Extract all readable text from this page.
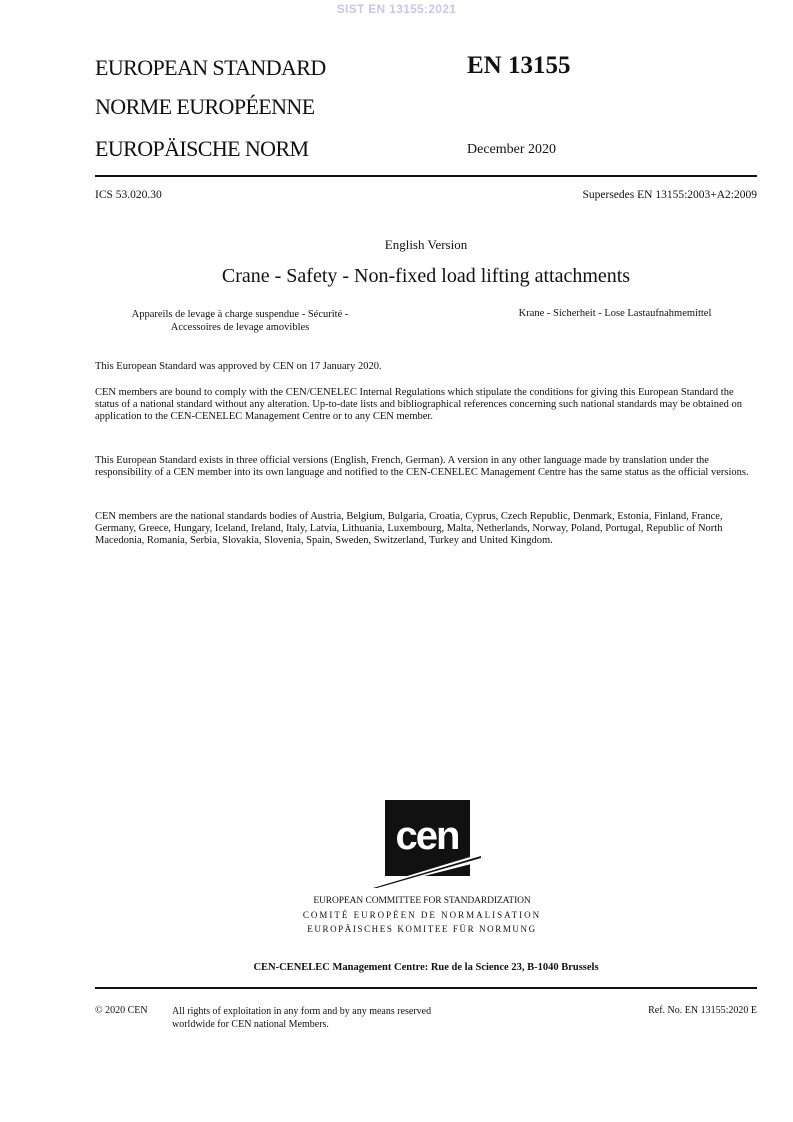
SIST EN 13155:2021
EUROPEAN STANDARD
NORME EUROPÉENNE
EUROPÄISCHE NORM
EN 13155
December 2020
ICS 53.020.30	Supersedes EN 13155:2003+A2:2009
English Version
Crane - Safety - Non-fixed load lifting attachments
Appareils de levage à charge suspendue - Sécurité -
Accessoires de levage amovibles
Krane - Sicherheit - Lose Lastaufnahmemittel
This European Standard was approved by CEN on 17 January 2020.
CEN members are bound to comply with the CEN/CENELEC Internal Regulations which stipulate the conditions for giving this European Standard the status of a national standard without any alteration. Up-to-date lists and bibliographical references concerning such national standards may be obtained on application to the CEN-CENELEC Management Centre or to any CEN member.
This European Standard exists in three official versions (English, French, German). A version in any other language made by translation under the responsibility of a CEN member into its own language and notified to the CEN-CENELEC Management Centre has the same status as the official versions.
CEN members are the national standards bodies of Austria, Belgium, Bulgaria, Croatia, Cyprus, Czech Republic, Denmark, Estonia, Finland, France, Germany, Greece, Hungary, Iceland, Ireland, Italy, Latvia, Lithuania, Luxembourg, Malta, Netherlands, Norway, Poland, Portugal, Republic of North Macedonia, Romania, Serbia, Slovakia, Slovenia, Spain, Sweden, Switzerland, Turkey and United Kingdom.
cen
EUROPEAN COMMITTEE FOR STANDARDIZATION
COMITÉ EUROPÉEN DE NORMALISATION
EUROPÄISCHES KOMITEE FÜR NORMUNG
CEN-CENELEC Management Centre: Rue de la Science 23, B-1040 Brussels
© 2020 CEN All rights of exploitation in any form and by any means reserved
worldwide for CEN national Members.
Ref. No. EN 13155:2020 E
